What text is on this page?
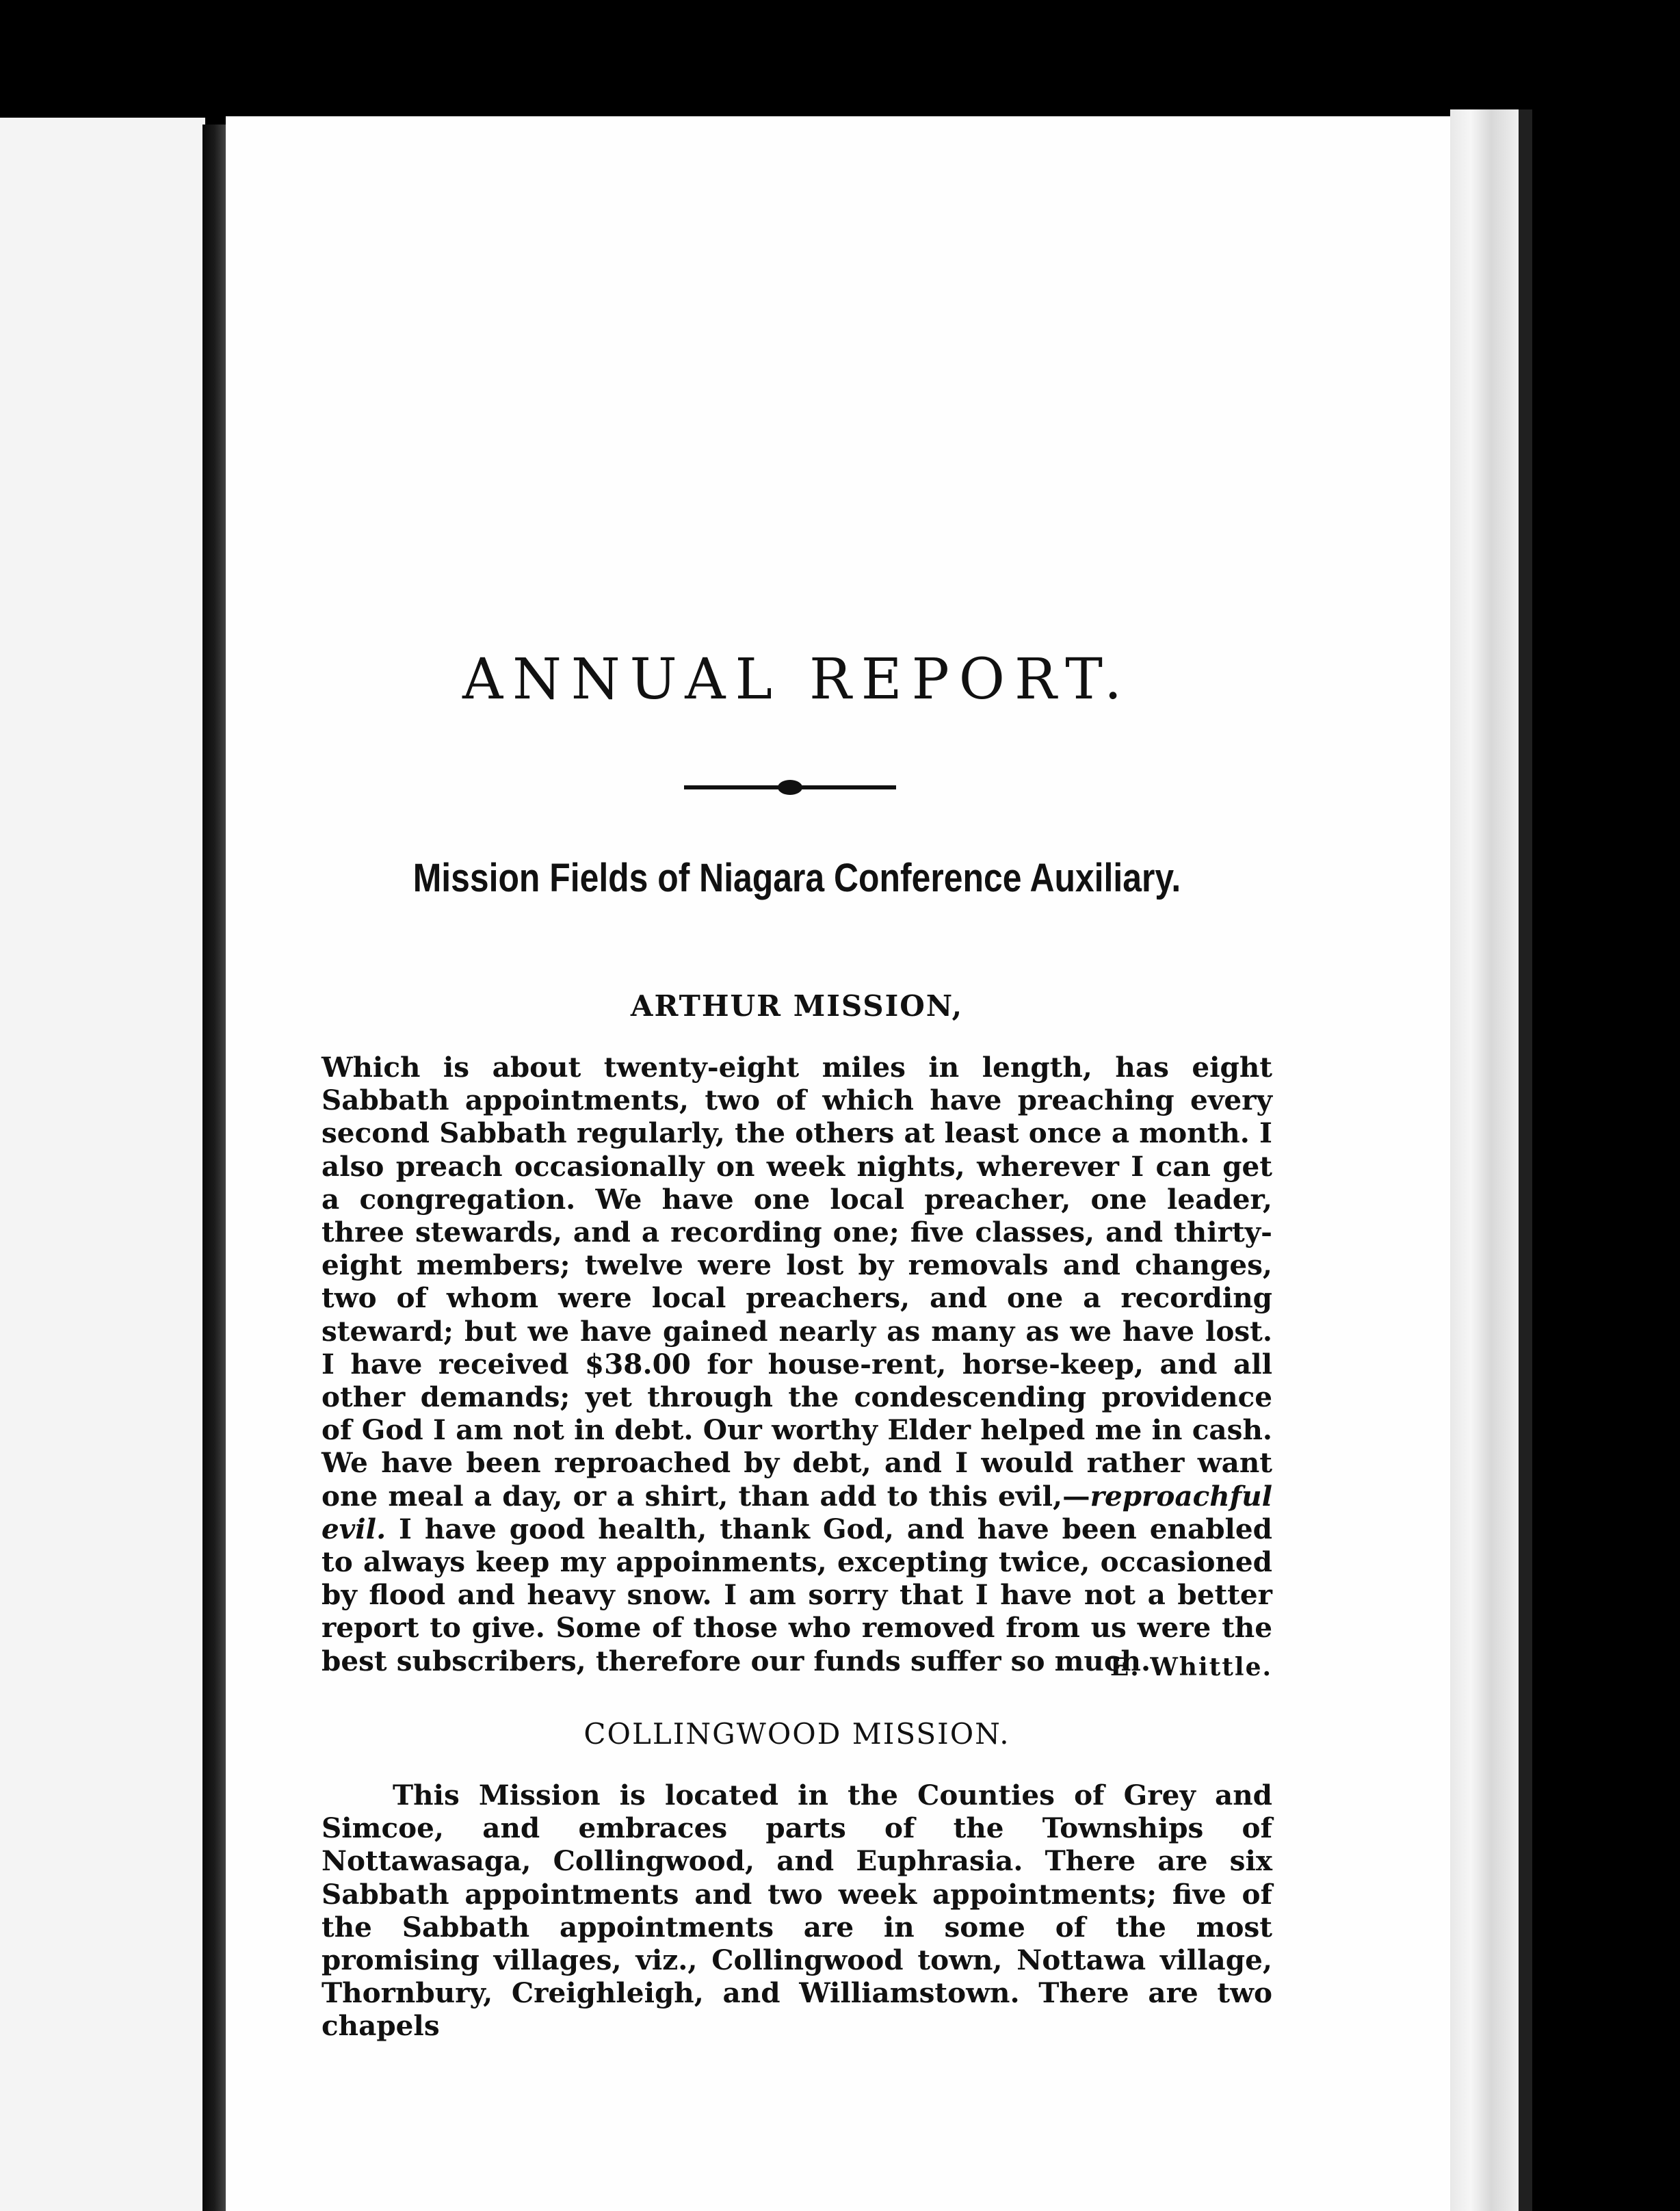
ANNUAL REPORT.
Mission Fields of Niagara Conference Auxiliary.
ARTHUR MISSION,

Which is about twenty-eight miles in length, has eight Sabbath appointments, two of which have preaching every second Sabbath regularly, the others at least once a month. I also preach occasionally on week nights, wherever I can get a congregation. We have one local preacher, one leader, three stewards, and a recording one; five classes, and thirty-eight members; twelve were lost by removals and changes, two of whom were local preachers, and one a recording steward; but we have gained nearly as many as we have lost. I have received $38.00 for house-rent, horse-keep, and all other demands; yet through the condescending providence of God I am not in debt. Our worthy Elder helped me in cash. We have been reproached by debt, and I would rather want one meal a day, or a shirt, than add to this evil,—reproachful evil. I have good health, thank God, and have been enabled to always keep my appoinments, excepting twice, occasioned by flood and heavy snow. I am sorry that I have not a better report to give. Some of those who removed from us were the best subscribers, therefore our funds suffer so much.

E. Whittle.

COLLINGWOOD MISSION.

This Mission is located in the Counties of Grey and Simcoe, and embraces parts of the Townships of Nottawasaga, Collingwood, and Euphrasia. There are six Sabbath appointments and two week appointments; five of the Sabbath appointments are in some of the most promising villages, viz., Collingwood town, Nottawa village, Thornbury, Creighleigh, and Williamstown. There are two chapels
